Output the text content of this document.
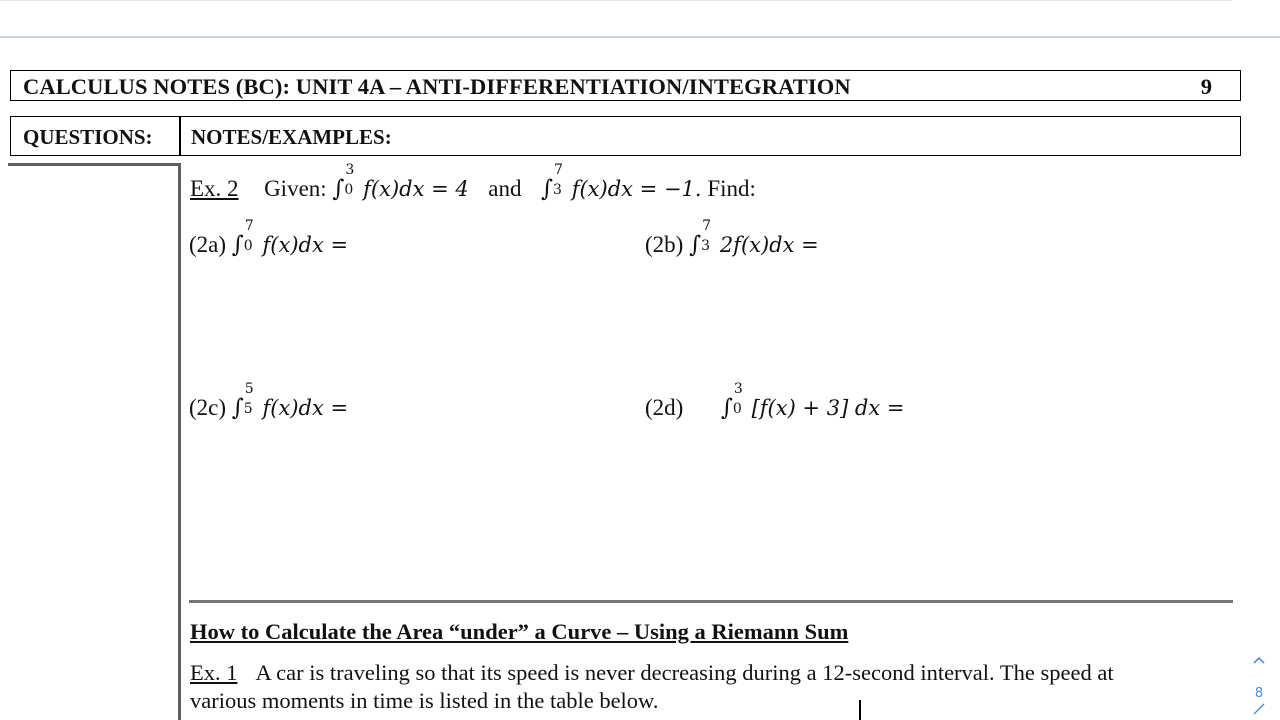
CALCULUS NOTES (BC): UNIT 4A – ANTI-DIFFERENTIATION/INTEGRATION	9
QUESTIONS: NOTES/EXAMPLES:
Ex. 2 Given: ∫
3
0 f(x)dx = 4 and ∫
7
3 f(x)dx = −1. Find:
(2a) ∫
7
0 f(x)dx =	(2b) ∫
7
3 2f(x)dx =
(2c) ∫
5
5 f(x)dx =	(2d) ∫
3
0 [f(x) + 3] dx =
How to Calculate the Area “under” a Curve – Using a Riemann Sum
Ex. 1 A car is traveling so that its speed is never decreasing during a 12-second interval. The speed at
various moments in time is listed in the table below.	8
